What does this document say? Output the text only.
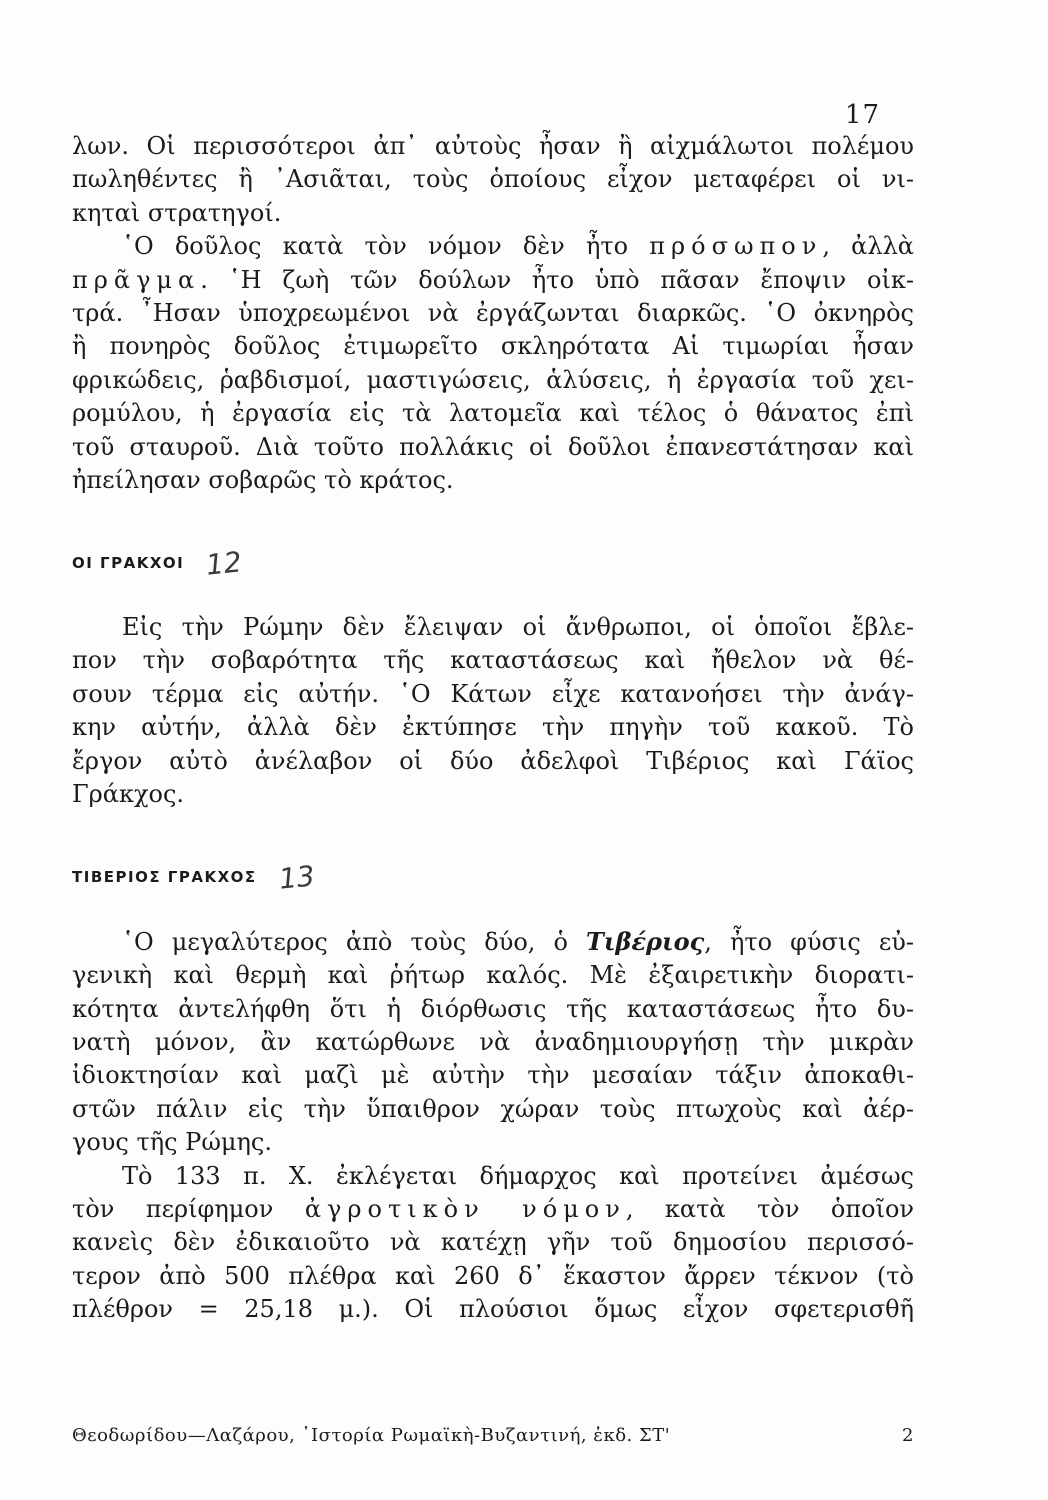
17
λων. Οἱ περισσότεροι ἀπ᾽ αὐτοὺς ἦσαν ἢ αἰχμάλωτοι πολέμου
πωληθέντες ἢ ᾽Ασιᾶται, τοὺς ὁποίους εἶχον μεταφέρει οἱ νι-
κηταὶ στρατηγοί.
῾Ο δοῦλος κατὰ τὸν νόμον δὲν ἦτο πρόσωπον, ἀλλὰ
πρᾶγμα. ῾Η ζωὴ τῶν δούλων ἦτο ὑπὸ πᾶσαν ἔποψιν οἰκ-
τρά. ῏Ησαν ὑποχρεωμένοι νὰ ἐργάζωνται διαρκῶς. ῾Ο ὀκνηρὸς
ἢ πονηρὸς δοῦλος ἐτιμωρεῖτο σκληρότατα Αἱ τιμωρίαι ἦσαν
φρικώδεις, ῥαβδισμοί, μαστιγώσεις, ἁλύσεις, ἡ ἐργασία τοῦ χει-
ρομύλου, ἡ ἐργασία εἰς τὰ λατομεῖα καὶ τέλος ὁ θάνατος ἐπὶ
τοῦ σταυροῦ. Διὰ τοῦτο πολλάκις οἱ δοῦλοι ἐπανεστάτησαν καὶ
ἠπείλησαν σοβαρῶς τὸ κράτος.
ΟΙ ΓΡΑΚΧΟΙ 12
Εἰς τὴν Ρώμην δὲν ἔλειψαν οἱ ἄνθρωποι, οἱ ὁποῖοι ἔβλε-
πον τὴν σοβαρότητα τῆς καταστάσεως καὶ ἤθελον νὰ θέ-
σουν τέρμα εἰς αὐτήν. ῾Ο Κάτων εἶχε κατανοήσει τὴν ἀνάγ-
κην αὐτήν, ἀλλὰ δὲν ἐκτύπησε τὴν πηγὴν τοῦ κακοῦ. Τὸ
ἔργον αὐτὸ ἀνέλαβον οἱ δύο ἀδελφοὶ Τιβέριος καὶ Γάϊος
Γράκχος.
ΤΙΒΕΡΙΟΣ ΓΡΑΚΧΟΣ 13
῾Ο μεγαλύτερος ἀπὸ τοὺς δύο, ὁ Τιβέριος, ἦτο φύσις εὐ-
γενικὴ καὶ θερμὴ καὶ ῥήτωρ καλός. Μὲ ἐξαιρετικὴν διορατι-
κότητα ἀντελήφθη ὅτι ἡ διόρθωσις τῆς καταστάσεως ἦτο δυ-
νατὴ μόνον, ἂν κατώρθωνε νὰ ἀναδημιουργήσῃ τὴν μικρὰν
ἰδιοκτησίαν καὶ μαζὶ μὲ αὐτὴν τὴν μεσαίαν τάξιν ἀποκαθι-
στῶν πάλιν εἰς τὴν ὕπαιθρον χώραν τοὺς πτωχοὺς καὶ ἀέρ-
γους τῆς Ρώμης.
Τὸ 133 π. Χ. ἐκλέγεται δήμαρχος καὶ προτείνει ἀμέσως
τὸν περίφημον ἀγροτικὸν νόμον, κατὰ τὸν ὁποῖον
κανεὶς δὲν ἐδικαιοῦτο νὰ κατέχῃ γῆν τοῦ δημοσίου περισσό-
τερον ἀπὸ 500 πλέθρα καὶ 260 δ᾽ ἕκαστον ἄρρεν τέκνον (τὸ
πλέθρον = 25,18 μ.). Οἱ πλούσιοι ὅμως εἶχον σφετερισθῆ
Θεοδωρίδου—Λαζάρου, ῾Ιστορία Ρωμαϊκὴ-Βυζαντινή, ἐκδ. ΣΤ'	2
